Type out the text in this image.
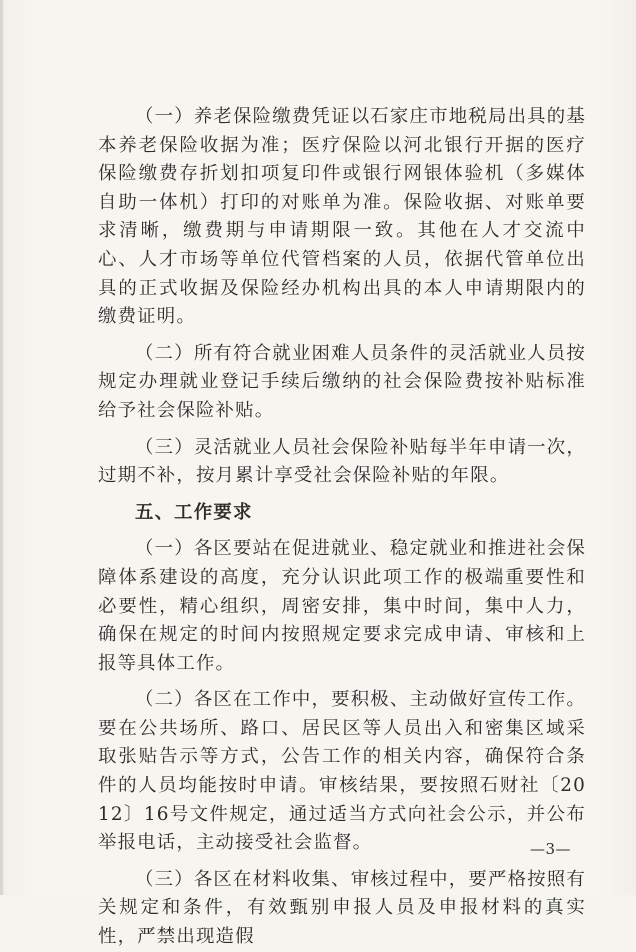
（一）养老保险缴费凭证以石家庄市地税局出具的基本养老保险收据为准；医疗保险以河北银行开据的医疗保险缴费存折划扣项复印件或银行网银体验机（多媒体自助一体机）打印的对账单为准。保险收据、对账单要求清晰，缴费期与申请期限一致。其他在人才交流中心、人才市场等单位代管档案的人员，依据代管单位出具的正式收据及保险经办机构出具的本人申请期限内的缴费证明。

（二）所有符合就业困难人员条件的灵活就业人员按规定办理就业登记手续后缴纳的社会保险费按补贴标准给予社会保险补贴。

（三）灵活就业人员社会保险补贴每半年申请一次，过期不补，按月累计享受社会保险补贴的年限。

五、工作要求

（一）各区要站在促进就业、稳定就业和推进社会保障体系建设的高度，充分认识此项工作的极端重要性和必要性，精心组织，周密安排，集中时间，集中人力，确保在规定的时间内按照规定要求完成申请、审核和上报等具体工作。

（二）各区在工作中，要积极、主动做好宣传工作。要在公共场所、路口、居民区等人员出入和密集区域采取张贴告示等方式，公告工作的相关内容，确保符合条件的人员均能按时申请。审核结果，要按照石财社〔2012〕16号文件规定，通过适当方式向社会公示，并公布举报电话，主动接受社会监督。

（三）各区在材料收集、审核过程中，要严格按照有关规定和条件，有效甄别申报人员及申报材料的真实性，严禁出现造假

—3—
